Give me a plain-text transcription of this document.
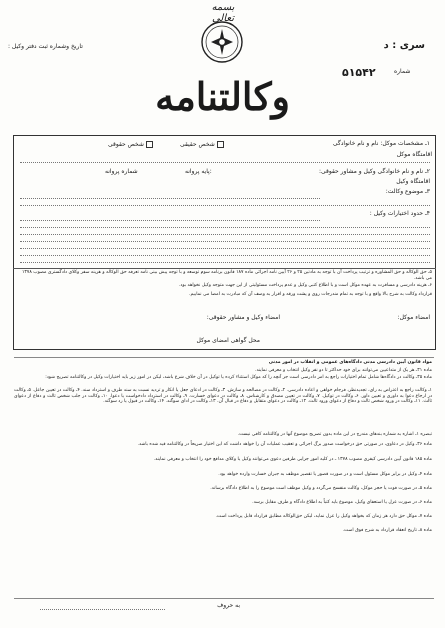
بسمه تعالی
تاریخ وشماره ثبت دفتر وکیل :	سری : د
۵۱۵۴۲	شماره
وکالتنامه
۱ـ مشخصات موکل: نام و نام خانوادگی
شخص حقیقی
شخص حقوقی
اقامتگاه موکل
۲ـ نام و نام خانوادگی وکیل و مشاور حقوقی:
پایه پروانه:
شماره پروانه
اقامتگاه وکیل
۳ـ موضوع وکالت:
۴ـ حدود اختیارات وکیل :
۵ـ حق الوکاله و حق المشاوره و ترتیب پرداخت آن با توجه به مادتین ۲۵ و ۲۶ آیین نامه اجرائی ماده ۱۸۷ قانون برنامه سوم توسعه و با توجه پیش بینی نامه تعرفه حق الوکاله و هزینه سفر وکلای دادگستری مصوب ۱۳۷۸ می باشد.
۶ـ هزینه دادرسی و مسافرت به عهده موکل است و با اطلاع کتبی وکیل و عدم پرداخت مسئولیتی از این جهت متوجه وکیل نخواهد بود.
قرارداد وکالت به شرح بالا واقع و با توجه به تمام مندرجات روی و پشت ورقه و اقرار به وصف آن که مبادرت به امضا می نماییم.
امضاء موکل:
امضاء وکیل و مشاور حقوقی:
محل گواهی امضای موکل
مواد قانون آیین دادرسی مدنی دادگاه‌های عمومی و انقلاب در امور مدنی
ماده ۳۱ـ هر یک از متداعیین می‌توانند برای خود حداکثر تا دو نفر وکیل انتخاب و معرفی نمایند.
ماده ۳۵ـ وکالت در دادگاه‌ها شامل تمام اختیارات راجع به امر دادرسی است جز آنچه را که موکل استثناء کرده یا توکیل در آن خلاف شرع باشد، لیکن در امور زیر باید اختیارات وکیل در وکالتنامه تصریح شود:
۱ـ وکالت راجع به اعتراض به رای، تجدیدنظر، فرجام خواهی و اعاده دادرسی. ۲ـ وکالت در مصالحه و سازش. ۳ـ وکالت در ادعای جعل یا انکار و تردید نسبت به سند طرف و استرداد سند. ۴ـ وکالت در تعیین جاعل. ۵ـ وکالت در ارجاع دعوا به داوری و تعیین داور. ۶ـ وکالت در توکیل. ۷ـ وکالت در تعیین مصدق و کارشناس. ۸ـ وکالت در دعوای خسارت. ۹ـ وکالت در استرداد دادخواست یا دعوا. ۱۰ـ وکالت در جلب شخص ثالث و دفاع از دعوای ثالث. ۱۱ـ وکالت در ورود شخص ثالث و دفاع از دعوای ورود ثالث. ۱۲ـ وکالت در دعوای متقابل و دفاع در قبال آن. ۱۳ـ وکالت در ادای سوگند. ۱۴ـ وکالت در قبول یا رد سوگند.
تبصره ۱ـ اشاره به شماره بندهای مندرج در این ماده بدون تصریح موضوع آنها در وکالتنامه کافی نیست.
ماده ۳۶ـ وکیل در دعاوی، در صورتی حق درخواست صدور برگ اجرائی و تعقیب عملیات آن را خواهد داشت که این اختیار صریحاً در وکالتنامه قید شده باشد.
ماده ۱۸۵ قانون آیین دادرسی کیفری مصوب ۱۳۷۸ ـ در کلیه امور جزایی طرفین دعوی می‌توانند وکیل یا وکلای مدافع خود را انتخاب و معرفی نمایند.
ماده ۴ـ وکیل در برابر موکل مسئول است و در صورت قصور یا تقصیر موظف به جبران خسارت وارده خواهد بود.
ماده ۵ـ در صورت فوت یا حجر موکل، وکالت منفسخ می‌گردد و وکیل موظف است موضوع را به اطلاع دادگاه برساند.
ماده ۶ـ در صورت عزل یا استعفای وکیل، موضوع باید کتباً به اطلاع دادگاه و طرف مقابل برسد.
ماده ۷ـ موکل حق دارد هر زمان که بخواهد وکیل را عزل نماید، لیکن حق‌الوکاله مطابق قرارداد قابل پرداخت است.
ماده ۸ـ تاریخ انعقاد قرارداد به شرح فوق است.
به حروف
